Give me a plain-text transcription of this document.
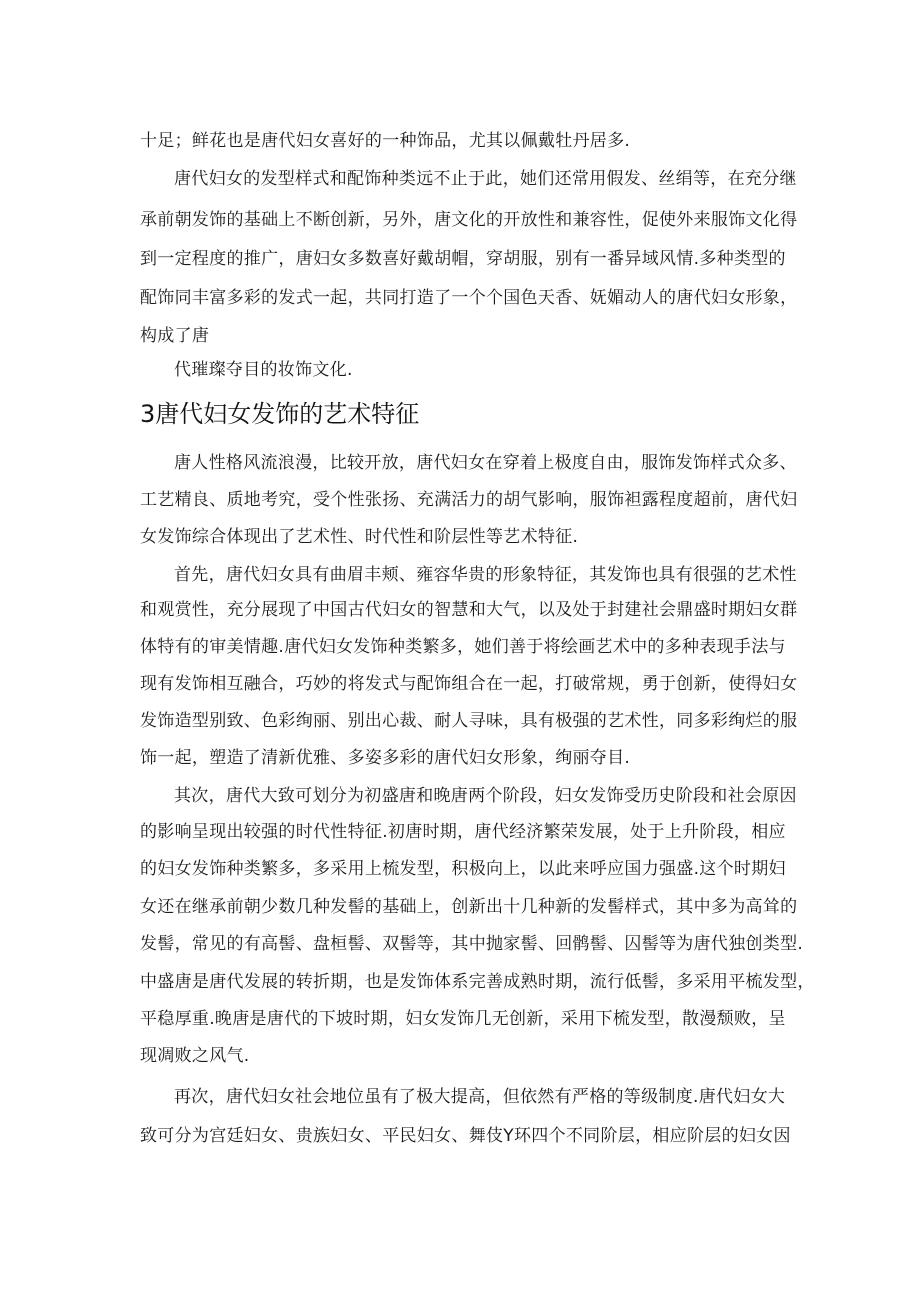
十足；鲜花也是唐代妇女喜好的一种饰品，尤其以佩戴牡丹居多.
唐代妇女的发型样式和配饰种类远不止于此，她们还常用假发、丝绢等，在充分继
承前朝发饰的基础上不断创新，另外，唐文化的开放性和兼容性，促使外来服饰文化得
到一定程度的推广，唐妇女多数喜好戴胡帽，穿胡服，别有一番异域风情.多种类型的
配饰同丰富多彩的发式一起，共同打造了一个个国色天香、妩媚动人的唐代妇女形象，
构成了唐
代璀璨夺目的妆饰文化.
3唐代妇女发饰的艺术特征
唐人性格风流浪漫，比较开放，唐代妇女在穿着上极度自由，服饰发饰样式众多、
工艺精良、质地考究，受个性张扬、充满活力的胡气影响，服饰袒露程度超前，唐代妇
女发饰综合体现出了艺术性、时代性和阶层性等艺术特征.
首先，唐代妇女具有曲眉丰颊、雍容华贵的形象特征，其发饰也具有很强的艺术性
和观赏性，充分展现了中国古代妇女的智慧和大气，以及处于封建社会鼎盛时期妇女群
体特有的审美情趣.唐代妇女发饰种类繁多，她们善于将绘画艺术中的多种表现手法与
现有发饰相互融合，巧妙的将发式与配饰组合在一起，打破常规，勇于创新，使得妇女
发饰造型别致、色彩绚丽、别出心裁、耐人寻味，具有极强的艺术性，同多彩绚烂的服
饰一起，塑造了清新优雅、多姿多彩的唐代妇女形象，绚丽夺目.
其次，唐代大致可划分为初盛唐和晚唐两个阶段，妇女发饰受历史阶段和社会原因
的影响呈现出较强的时代性特征.初唐时期，唐代经济繁荣发展，处于上升阶段，相应
的妇女发饰种类繁多，多采用上梳发型，积极向上，以此来呼应国力强盛.这个时期妇
女还在继承前朝少数几种发髻的基础上，创新出十几种新的发髻样式，其中多为高耸的
发髻，常见的有高髻、盘桓髻、双髻等，其中抛家髻、回鹘髻、囚髻等为唐代独创类型.
中盛唐是唐代发展的转折期，也是发饰体系完善成熟时期，流行低髻，多采用平梳发型，
平稳厚重.晚唐是唐代的下坡时期，妇女发饰几无创新，采用下梳发型，散漫颓败，呈
现凋败之风气.
再次，唐代妇女社会地位虽有了极大提高，但依然有严格的等级制度.唐代妇女大
致可分为宫廷妇女、贵族妇女、平民妇女、舞伎Y环四个不同阶层，相应阶层的妇女因
